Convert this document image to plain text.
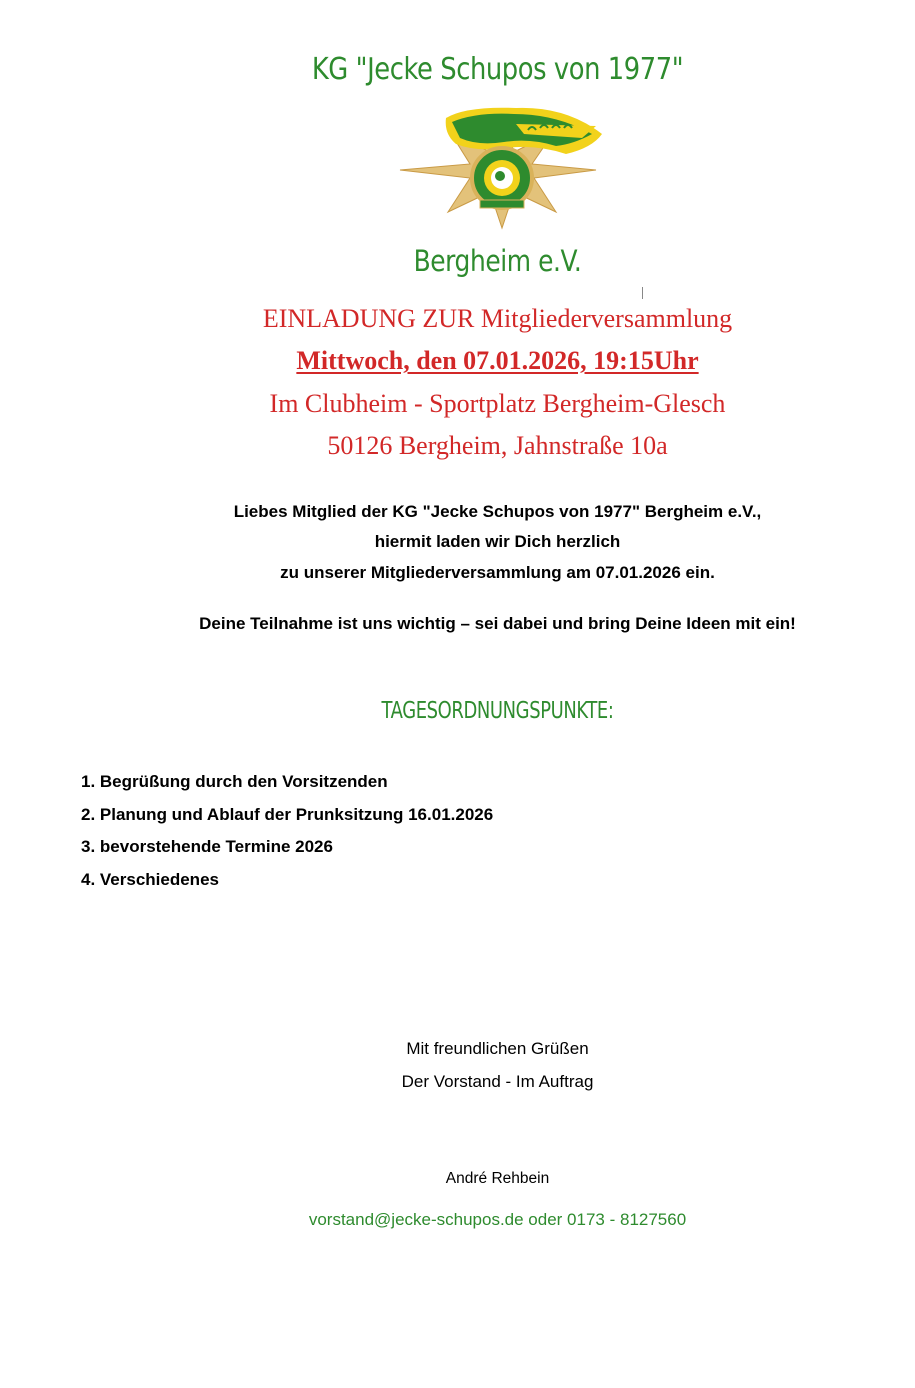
KG "Jecke Schupos von 1977"
Bergheim e.V.
EINLADUNG ZUR Mitgliederversammlung
Mittwoch, den 07.01.2026, 19:15Uhr
Im Clubheim - Sportplatz Bergheim-Glesch
50126 Bergheim, Jahnstraße 10a
Liebes Mitglied der KG "Jecke Schupos von 1977" Bergheim e.V.,
hiermit laden wir Dich herzlich
zu unserer Mitgliederversammlung am 07.01.2026 ein.
Deine Teilnahme ist uns wichtig – sei dabei und bring Deine Ideen mit ein!
TAGESORDNUNGSPUNKTE:
1. Begrüßung durch den Vorsitzenden
2. Planung und Ablauf der Prunksitzung 16.01.2026
3. bevorstehende Termine 2026
4. Verschiedenes
Mit freundlichen Grüßen
Der Vorstand - Im Auftrag
André Rehbein
vorstand@jecke-schupos.de oder 0173 - 8127560
